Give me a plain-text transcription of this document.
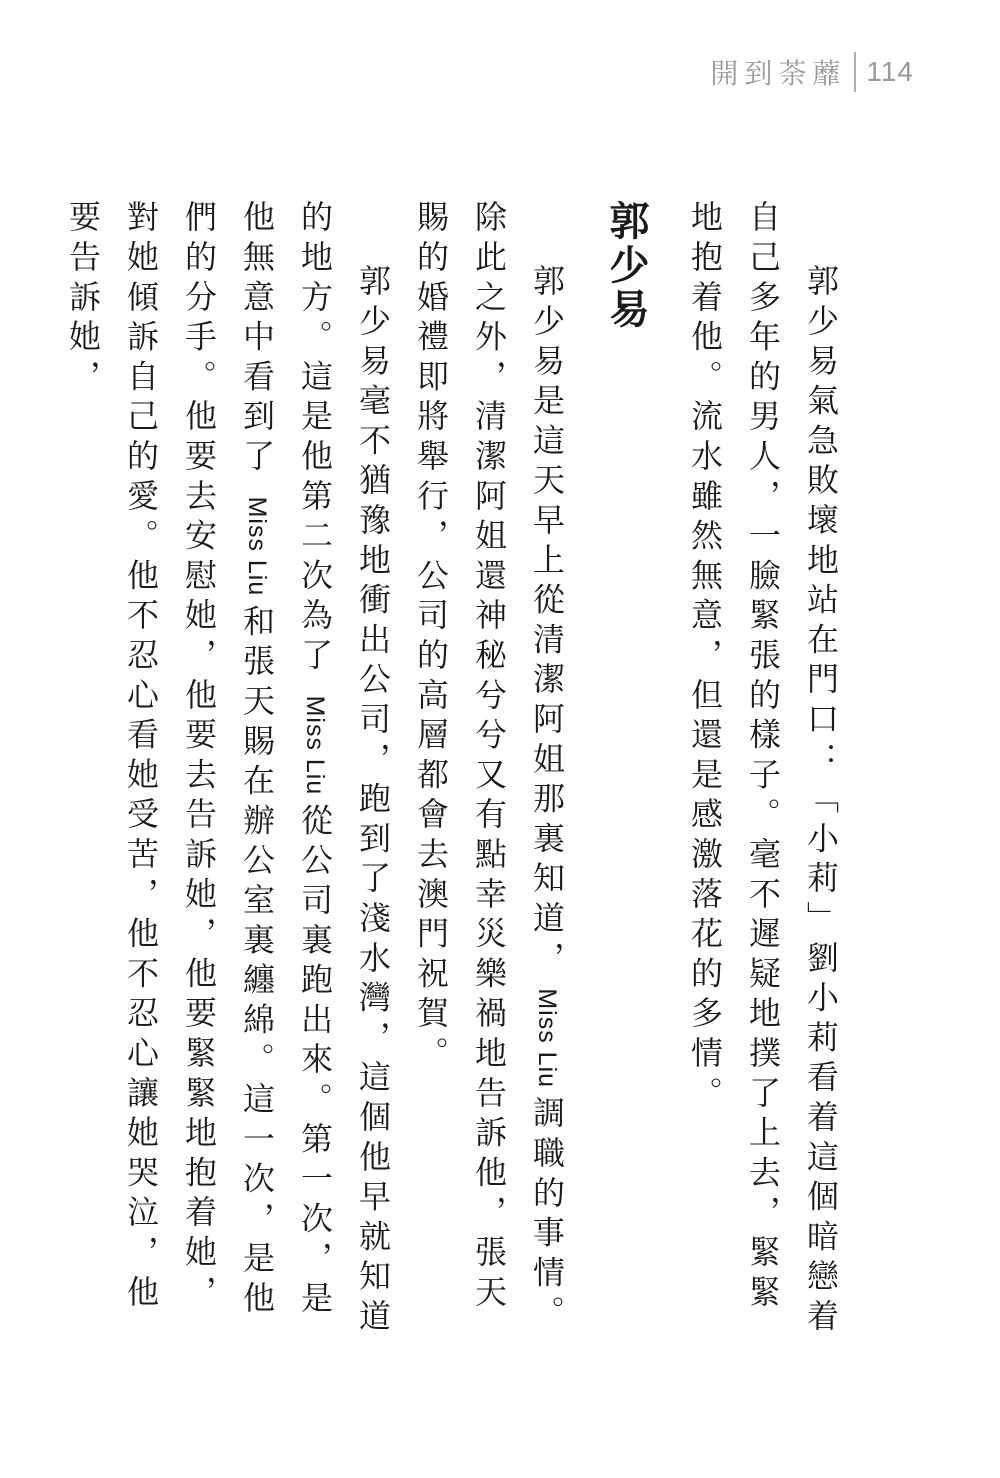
開到荼蘼 114

郭少易氣急敗壞地站在門口：「小莉」劉小莉看着這個暗戀着自己多年的男人，一臉緊張的樣子。毫不遲疑地撲了上去，緊緊地抱着他。流水雖然無意，但還是感激落花的多情。

郭少易

郭少易是這天早上從清潔阿姐那裏知道， Miss Liu 調職的事情。除此之外，清潔阿姐還神秘兮兮又有點幸災樂禍地告訴他，張天賜的婚禮即將舉行，公司的高層都會去澳門祝賀。

郭少易毫不猶豫地衝出公司，跑到了淺水灣，這個他早就知道的地方。這是他第二次為了 Miss Liu 從公司裏跑出來。第一次，是他無意中看到了 Miss Liu 和張天賜在辦公室裏纏綿。這一次，是他們的分手。他要去安慰她，他要去告訴她，他要緊緊地抱着她，對她傾訴自己的愛。他不忍心看她受苦，他不忍心讓她哭泣，他要告訴她，
